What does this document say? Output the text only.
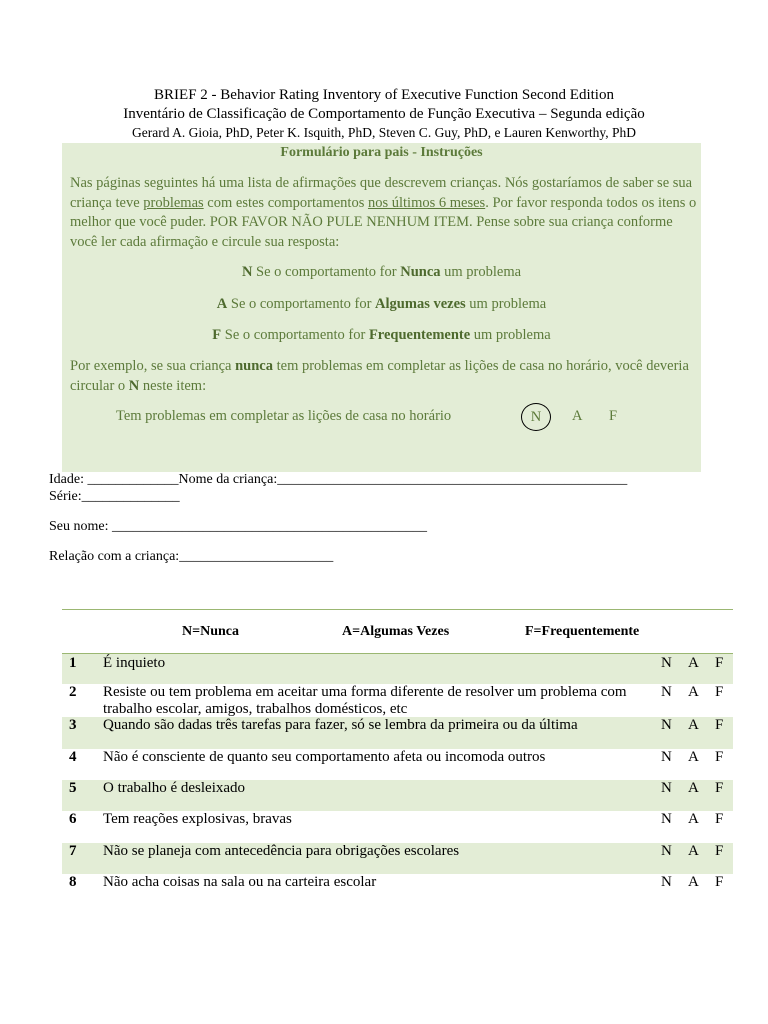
BRIEF 2 - Behavior Rating Inventory of Executive Function Second Edition
Inventário de Classificação de Comportamento de Função Executiva – Segunda edição
Gerard A. Gioia, PhD, Peter K. Isquith, PhD, Steven C. Guy, PhD, e Lauren Kenworthy, PhD
Formulário para pais - Instruções
Nas páginas seguintes há uma lista de afirmações que descrevem crianças. Nós gostaríamos de saber se sua criança teve problemas com estes comportamentos nos últimos 6 meses. Por favor responda todos os itens o melhor que você puder. POR FAVOR NÃO PULE NENHUM ITEM. Pense sobre sua criança conforme você ler cada afirmação e circule sua resposta:
N Se o comportamento for Nunca um problema
A Se o comportamento for Algumas vezes um problema
F Se o comportamento for Frequentemente um problema
Por exemplo, se sua criança nunca tem problemas em completar as lições de casa no horário, você deveria circular o N neste item:
Tem problemas em completar as lições de casa no horário	N	A F
Idade: _____________Nome da criança:__________________________________________________
Série:______________
Seu nome: _____________________________________________
Relação com a criança:______________________
N=Nunca	A=Algumas Vezes	F=Frequentemente
1 É inquieto	N A F
2 Resiste ou tem problema em aceitar uma forma diferente de resolver um problema com trabalho escolar, amigos, trabalhos domésticos, etc
N A F
3 Quando são dadas três tarefas para fazer, só se lembra da primeira ou da última	N A F
4 Não é consciente de quanto seu comportamento afeta ou incomoda outros	N A F
5 O trabalho é desleixado	N A F
6 Tem reações explosivas, bravas	N A F
7 Não se planeja com antecedência para obrigações escolares	N A F
8 Não acha coisas na sala ou na carteira escolar	N A F
